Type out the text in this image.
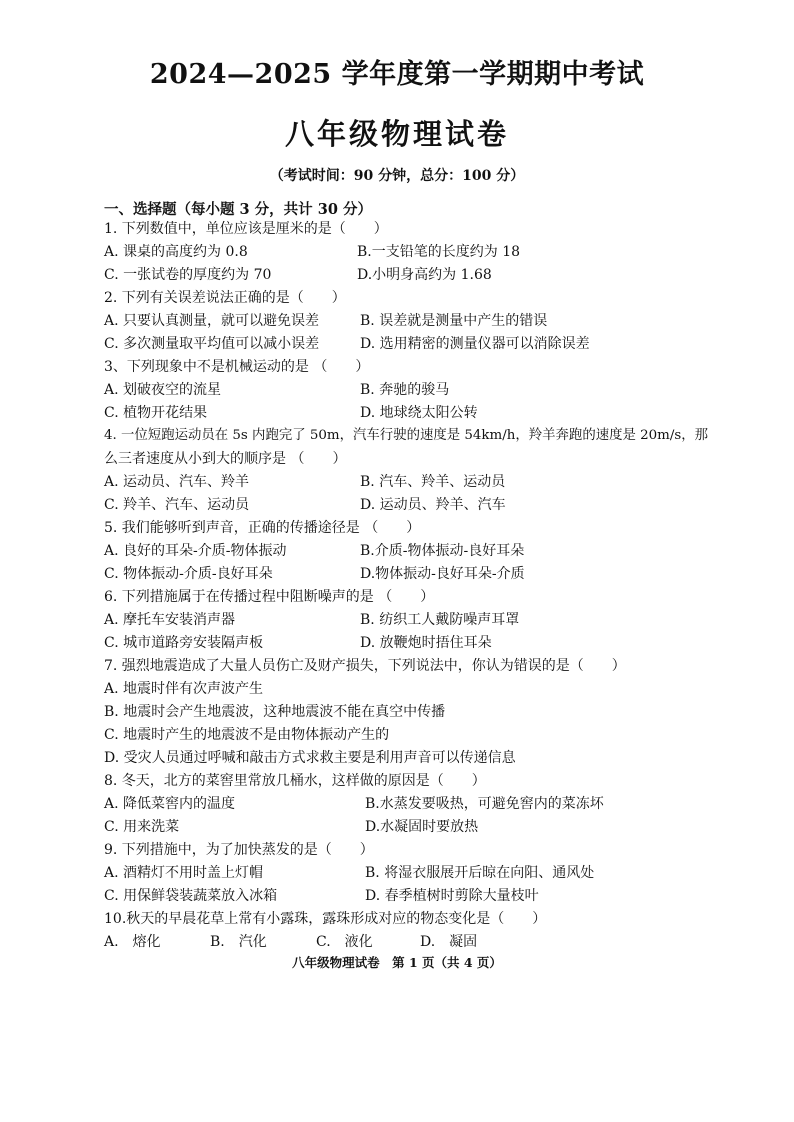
2024—2025 学年度第一学期期中考试
八年级物理试卷
（考试时间：90 分钟，总分：100 分）
一、选择题（每小题 3 分，共计 30 分）
1. 下列数值中，单位应该是厘米的是（　　）
A. 课桌的高度约为 0.8	B.一支铅笔的长度约为 18
C. 一张试卷的厚度约为 70	D.小明身高约为 1.68
2. 下列有关误差说法正确的是（　　）
A. 只要认真测量，就可以避免误差	B. 误差就是测量中产生的错误
C. 多次测量取平均值可以减小误差	D. 选用精密的测量仪器可以消除误差
3、下列现象中不是机械运动的是 （　　）
A. 划破夜空的流星	B. 奔驰的骏马
C. 植物开花结果	D. 地球绕太阳公转
4. 一位短跑运动员在 5s 内跑完了 50m，汽车行驶的速度是 54km/h，羚羊奔跑的速度是 20m/s，那
么三者速度从小到大的顺序是 （　　）
A. 运动员、汽车、羚羊	B. 汽车、羚羊、运动员
C. 羚羊、汽车、运动员	D. 运动员、羚羊、汽车
5. 我们能够听到声音，正确的传播途径是 （　　）
A. 良好的耳朵-介质-物体振动	B.介质-物体振动-良好耳朵
C. 物体振动-介质-良好耳朵	D.物体振动-良好耳朵-介质
6. 下列措施属于在传播过程中阻断噪声的是 （　　）
A. 摩托车安装消声器	B. 纺织工人戴防噪声耳罩
C. 城市道路旁安装隔声板	D. 放鞭炮时捂住耳朵
7. 强烈地震造成了大量人员伤亡及财产损失，下列说法中，你认为错误的是（　　）
A. 地震时伴有次声波产生
B. 地震时会产生地震波，这种地震波不能在真空中传播
C. 地震时产生的地震波不是由物体振动产生的
D. 受灾人员通过呼喊和敲击方式求救主要是利用声音可以传递信息
8. 冬天，北方的菜窖里常放几桶水，这样做的原因是（　　）
A. 降低菜窖内的温度	B.水蒸发要吸热，可避免窖内的菜冻坏
C. 用来洗菜	D.水凝固时要放热
9. 下列措施中，为了加快蒸发的是（　　）
A. 酒精灯不用时盖上灯帽	B. 将湿衣服展开后晾在向阳、通风处
C. 用保鲜袋装蔬菜放入冰箱	D. 春季植树时剪除大量枝叶
10.秋天的早晨花草上常有小露珠，露珠形成对应的物态变化是（　　）
A.　熔化	B.　汽化	C.　液化	D.　凝固
八年级物理试卷　第 1 页（共 4 页）
